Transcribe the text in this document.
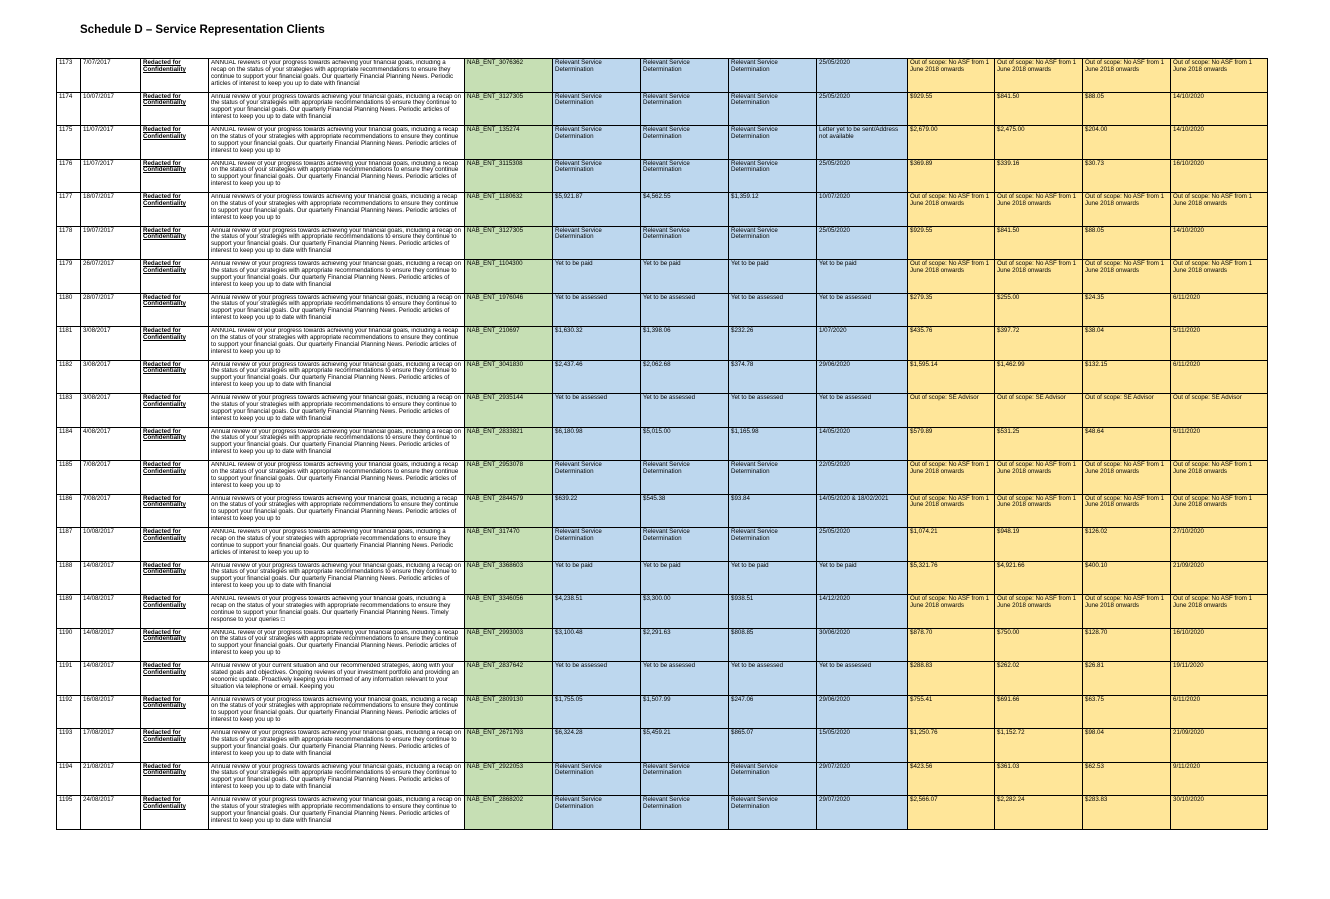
Schedule D – Service Representation Clients
1173	7/07/2017	Redacted for Confidentiality	ANNUAL review/s of your progress towards achieving your financial goals, including a recap on the status of your strategies with appropriate recommendations to ensure they continue to support your financial goals. Our quarterly Financial Planning News. Periodic articles of interest to keep you up to date with financial	NAB_ENT_3076362	Relevant Service Determination	Relevant Service Determination	Relevant Service Determination	25/05/2020	Out of scope: No ASF from 1 June 2018 onwards	Out of scope: No ASF from 1 June 2018 onwards	Out of scope: No ASF from 1 June 2018 onwards	Out of scope: No ASF from 1 June 2018 onwards
1174	10/07/2017	Redacted for Confidentiality	Annual review of your progress towards achieving your financial goals, including a recap on the status of your strategies with appropriate recommendations to ensure they continue to support your financial goals. Our quarterly Financial Planning News. Periodic articles of interest to keep you up to date with financial	NAB_ENT_3127305	Relevant Service Determination	Relevant Service Determination	Relevant Service Determination	25/05/2020	$929.55	$841.50	$88.05	14/10/2020
1175	11/07/2017	Redacted for Confidentiality	ANNUAL review of your progress towards achieving your financial goals, including a recap on the status of your strategies with appropriate recommendations to ensure they continue to support your financial goals. Our quarterly Financial Planning News. Periodic articles of interest to keep you up to	NAB_ENT_135274	Relevant Service Determination	Relevant Service Determination	Relevant Service Determination	Letter yet to be sent/Address not available	$2,679.00	$2,475.00	$204.00	14/10/2020
1176	11/07/2017	Redacted for Confidentiality	ANNUAL review of your progress towards achieving your financial goals, including a recap on the status of your strategies with appropriate recommendations to ensure they continue to support your financial goals. Our quarterly Financial Planning News. Periodic articles of interest to keep you up to	NAB_ENT_3115308	Relevant Service Determination	Relevant Service Determination	Relevant Service Determination	25/05/2020	$369.89	$339.16	$30.73	16/10/2020
1177	18/07/2017	Redacted for Confidentiality	Annual review/s of your progress towards achieving your financial goals, including a recap on the status of your strategies with appropriate recommendations to ensure they continue to support your financial goals. Our quarterly Financial Planning News. Periodic articles of interest to keep you up to	NAB_ENT_1180632	$5,921.87	$4,562.55	$1,359.12	10/07/2020	Out of scope: No ASF from 1 June 2018 onwards	Out of scope: No ASF from 1 June 2018 onwards	Out of scope: No ASF from 1 June 2018 onwards	Out of scope: No ASF from 1 June 2018 onwards
1178	19/07/2017	Redacted for Confidentiality	Annual review of your progress towards achieving your financial goals, including a recap on the status of your strategies with appropriate recommendations to ensure they continue to support your financial goals. Our quarterly Financial Planning News. Periodic articles of interest to keep you up to date with financial	NAB_ENT_3127305	Relevant Service Determination	Relevant Service Determination	Relevant Service Determination	25/05/2020	$929.55	$841.50	$88.05	14/10/2020
1179	26/07/2017	Redacted for Confidentiality	Annual review of your progress towards achieving your financial goals, including a recap on the status of your strategies with appropriate recommendations to ensure they continue to support your financial goals. Our quarterly Financial Planning News. Periodic articles of interest to keep you up to date with financial	NAB_ENT_1104300	Yet to be paid	Yet to be paid	Yet to be paid	Yet to be paid	Out of scope: No ASF from 1 June 2018 onwards	Out of scope: No ASF from 1 June 2018 onwards	Out of scope: No ASF from 1 June 2018 onwards	Out of scope: No ASF from 1 June 2018 onwards
1180	28/07/2017	Redacted for Confidentiality	Annual review of your progress towards achieving your financial goals, including a recap on the status of your strategies with appropriate recommendations to ensure they continue to support your financial goals. Our quarterly Financial Planning News. Periodic articles of interest to keep you up to date with financial	NAB_ENT_1976046	Yet to be assessed	Yet to be assessed	Yet to be assessed	Yet to be assessed	$279.35	$255.00	$24.35	6/11/2020
1181	3/08/2017	Redacted for Confidentiality	ANNUAL review of your progress towards achieving your financial goals, including a recap on the status of your strategies with appropriate recommendations to ensure they continue to support your financial goals. Our quarterly Financial Planning News. Periodic articles of interest to keep you up to	NAB_ENT_210697	$1,630.32	$1,398.06	$232.26	1/07/2020	$435.76	$397.72	$38.04	5/11/2020
1182	3/08/2017	Redacted for Confidentiality	Annual review of your progress towards achieving your financial goals, including a recap on the status of your strategies with appropriate recommendations to ensure they continue to support your financial goals. Our quarterly Financial Planning News. Periodic articles of interest to keep you up to date with financial	NAB_ENT_3041830	$2,437.46	$2,062.68	$374.78	29/06/2020	$1,595.14	$1,462.99	$132.15	6/11/2020
1183	3/08/2017	Redacted for Confidentiality	Annual review of your progress towards achieving your financial goals, including a recap on the status of your strategies with appropriate recommendations to ensure they continue to support your financial goals. Our quarterly Financial Planning News. Periodic articles of interest to keep you up to date with financial	NAB_ENT_2935144	Yet to be assessed	Yet to be assessed	Yet to be assessed	Yet to be assessed	Out of scope: SE Advisor	Out of scope: SE Advisor	Out of scope: SE Advisor	Out of scope: SE Advisor
1184	4/08/2017	Redacted for Confidentiality	Annual review of your progress towards achieving your financial goals, including a recap on the status of your strategies with appropriate recommendations to ensure they continue to support your financial goals. Our quarterly Financial Planning News. Periodic articles of interest to keep you up to date with financial	NAB_ENT_2833821	$6,180.98	$5,015.00	$1,165.98	14/05/2020	$579.89	$531.25	$48.64	6/11/2020
1185	7/08/2017	Redacted for Confidentiality	ANNUAL review of your progress towards achieving your financial goals, including a recap on the status of your strategies with appropriate recommendations to ensure they continue to support your financial goals. Our quarterly Financial Planning News. Periodic articles of interest to keep you up to	NAB_ENT_2953078	Relevant Service Determination	Relevant Service Determination	Relevant Service Determination	22/05/2020	Out of scope: No ASF from 1 June 2018 onwards	Out of scope: No ASF from 1 June 2018 onwards	Out of scope: No ASF from 1 June 2018 onwards	Out of scope: No ASF from 1 June 2018 onwards
1186	7/08/2017	Redacted for Confidentiality	Annual review/s of your progress towards achieving your financial goals, including a recap on the status of your strategies with appropriate recommendations to ensure they continue to support your financial goals. Our quarterly Financial Planning News. Periodic articles of interest to keep you up to	NAB_ENT_2844579	$639.22	$545.38	$93.84	14/05/2020 & 18/02/2021	Out of scope: No ASF from 1 June 2018 onwards	Out of scope: No ASF from 1 June 2018 onwards	Out of scope: No ASF from 1 June 2018 onwards	Out of scope: No ASF from 1 June 2018 onwards
1187	10/08/2017	Redacted for Confidentiality	ANNUAL review/s of your progress towards achieving your financial goals, including a recap on the status of your strategies with appropriate recommendations to ensure they continue to support your financial goals. Our quarterly Financial Planning News. Periodic articles of interest to keep you up to	NAB_ENT_317470	Relevant Service Determination	Relevant Service Determination	Relevant Service Determination	25/05/2020	$1,074.21	$948.19	$126.02	27/10/2020
1188	14/08/2017	Redacted for Confidentiality	Annual review of your progress towards achieving your financial goals, including a recap on the status of your strategies with appropriate recommendations to ensure they continue to support your financial goals. Our quarterly Financial Planning News. Periodic articles of interest to keep you up to date with financial	NAB_ENT_3368603	Yet to be paid	Yet to be paid	Yet to be paid	Yet to be paid	$5,321.76	$4,921.66	$400.10	21/09/2020
1189	14/08/2017	Redacted for Confidentiality	ANNUAL review/s of your progress towards achieving your financial goals, including a recap on the status of your strategies with appropriate recommendations to ensure they continue to support your financial goals. Our quarterly Financial Planning News. Timely response to your queries □	NAB_ENT_3346056	$4,238.51	$3,300.00	$938.51	14/12/2020	Out of scope: No ASF from 1 June 2018 onwards	Out of scope: No ASF from 1 June 2018 onwards	Out of scope: No ASF from 1 June 2018 onwards	Out of scope: No ASF from 1 June 2018 onwards
1190	14/08/2017	Redacted for Confidentiality	ANNUAL review of your progress towards achieving your financial goals, including a recap on the status of your strategies with appropriate recommendations to ensure they continue to support your financial goals. Our quarterly Financial Planning News. Periodic articles of interest to keep you up to	NAB_ENT_2993003	$3,100.48	$2,291.63	$808.85	30/06/2020	$878.70	$750.00	$128.70	16/10/2020
1191	14/08/2017	Redacted for Confidentiality	Annual review of your current situation and our recommended strategies, along with your stated goals and objectives. Ongoing reviews of your investment portfolio and providing an economic update. Proactively keeping you informed of any information relevant to your situation via telephone or email. Keeping you	NAB_ENT_2837642	Yet to be assessed	Yet to be assessed	Yet to be assessed	Yet to be assessed	$288.83	$262.02	$26.81	19/11/2020
1192	16/08/2017	Redacted for Confidentiality	Annual review/s of your progress towards achieving your financial goals, including a recap on the status of your strategies with appropriate recommendations to ensure they continue to support your financial goals. Our quarterly Financial Planning News. Periodic articles of interest to keep you up to	NAB_ENT_2809130	$1,755.05	$1,507.99	$247.06	29/06/2020	$755.41	$691.66	$63.75	6/11/2020
1193	17/08/2017	Redacted for Confidentiality	Annual review of your progress towards achieving your financial goals, including a recap on the status of your strategies with appropriate recommendations to ensure they continue to support your financial goals. Our quarterly Financial Planning News. Periodic articles of interest to keep you up to date with financial	NAB_ENT_2671793	$6,324.28	$5,459.21	$865.07	15/05/2020	$1,250.76	$1,152.72	$98.04	21/09/2020
1194	21/08/2017	Redacted for Confidentiality	Annual review of your progress towards achieving your financial goals, including a recap on the status of your strategies with appropriate recommendations to ensure they continue to support your financial goals. Our quarterly Financial Planning News. Periodic articles of interest to keep you up to date with financial	NAB_ENT_2922053	Relevant Service Determination	Relevant Service Determination	Relevant Service Determination	29/07/2020	$423.56	$361.03	$62.53	9/11/2020
1195	24/08/2017	Redacted for Confidentiality	Annual review of your progress towards achieving your financial goals, including a recap on the status of your strategies with appropriate recommendations to ensure they continue to support your financial goals. Our quarterly Financial Planning News. Periodic articles of interest to keep you up to date with financial	NAB_ENT_2868202	Relevant Service Determination	Relevant Service Determination	Relevant Service Determination	29/07/2020	$2,566.07	$2,282.24	$283.83	30/10/2020
